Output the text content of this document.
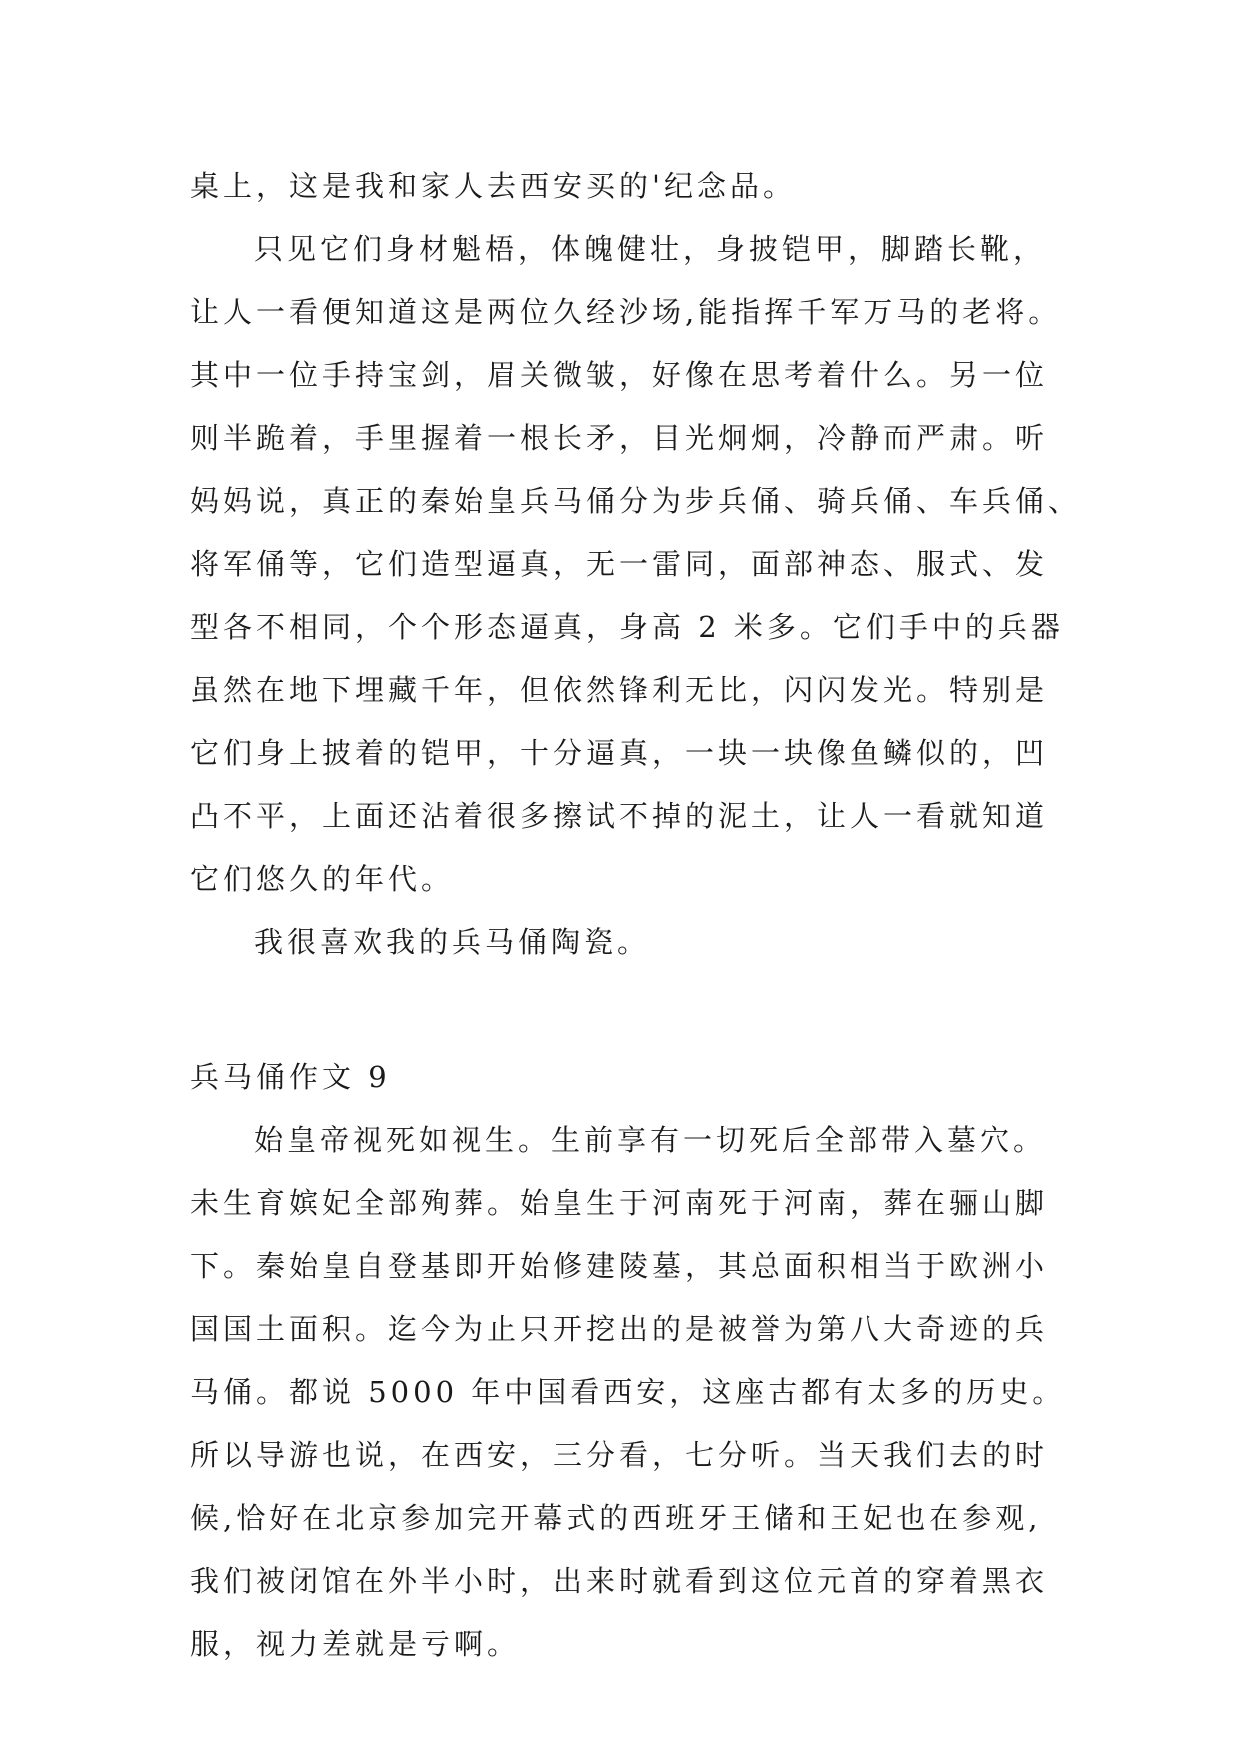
桌上，这是我和家人去西安买的'纪念品。
只见它们身材魁梧，体魄健壮，身披铠甲，脚踏长靴，
让人一看便知道这是两位久经沙场,能指挥千军万马的老将。
其中一位手持宝剑，眉关微皱，好像在思考着什么。另一位
则半跪着，手里握着一根长矛，目光炯炯，冷静而严肃。听
妈妈说，真正的秦始皇兵马俑分为步兵俑、骑兵俑、车兵俑、
将军俑等，它们造型逼真，无一雷同，面部神态、服式、发
型各不相同，个个形态逼真，身高 2 米多。它们手中的兵器
虽然在地下埋藏千年，但依然锋利无比，闪闪发光。特别是
它们身上披着的铠甲，十分逼真，一块一块像鱼鳞似的，凹
凸不平，上面还沾着很多擦试不掉的泥土，让人一看就知道
它们悠久的年代。
我很喜欢我的兵马俑陶瓷。
兵马俑作文 9
始皇帝视死如视生。生前享有一切死后全部带入墓穴。
未生育嫔妃全部殉葬。始皇生于河南死于河南，葬在骊山脚
下。秦始皇自登基即开始修建陵墓，其总面积相当于欧洲小
国国土面积。迄今为止只开挖出的是被誉为第八大奇迹的兵
马俑。都说 5000 年中国看西安，这座古都有太多的历史。
所以导游也说，在西安，三分看，七分听。当天我们去的时
候,恰好在北京参加完开幕式的西班牙王储和王妃也在参观,
我们被闭馆在外半小时，出来时就看到这位元首的穿着黑衣
服，视力差就是亏啊。
